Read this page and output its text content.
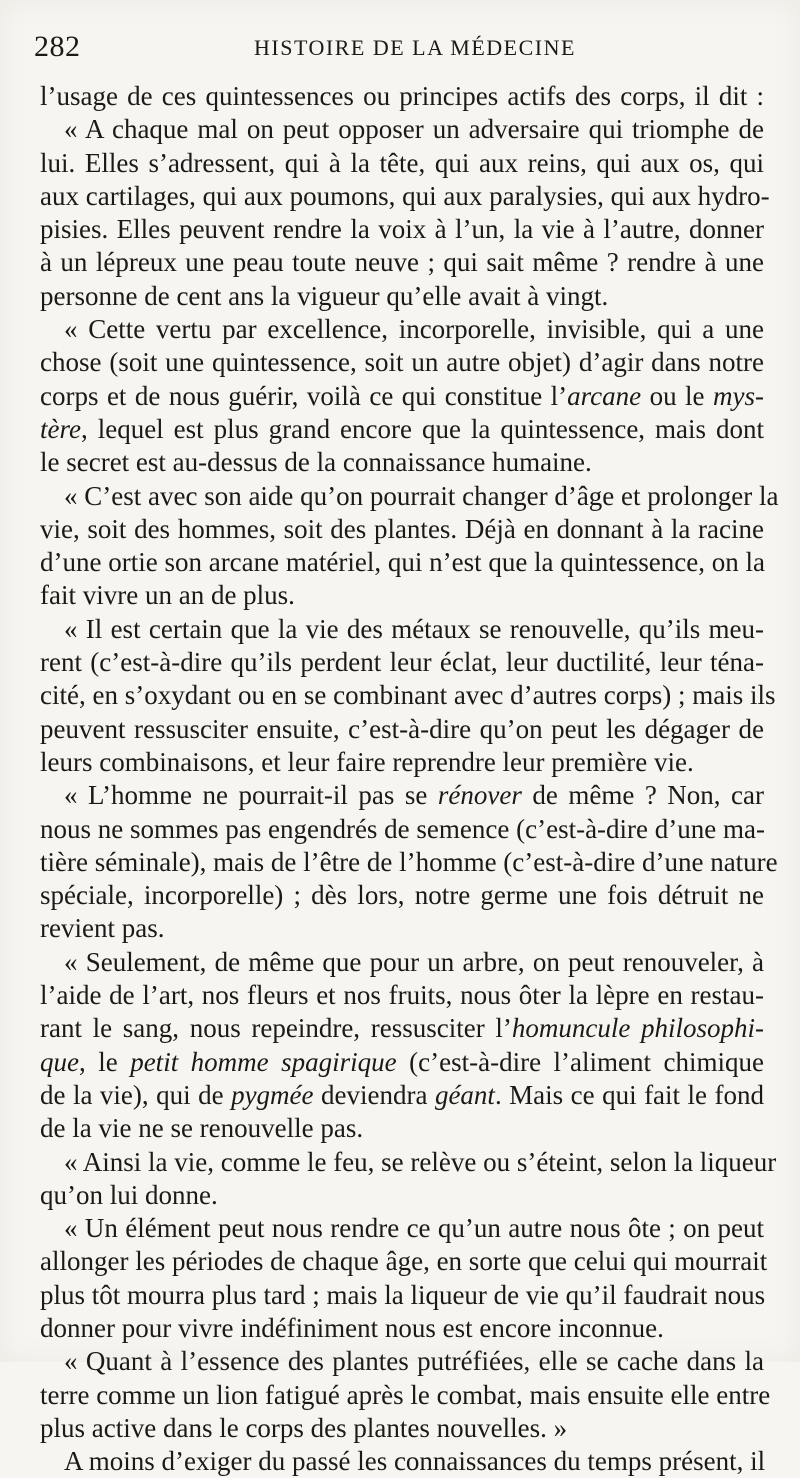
282	HISTOIRE DE LA MÉDECINE
l’usage de ces quintessences ou principes actifs des corps, il dit :
« A chaque mal on peut opposer un adversaire qui triomphe de
lui. Elles s’adressent, qui à la tête, qui aux reins, qui aux os, qui
aux cartilages, qui aux poumons, qui aux paralysies, qui aux hydro-
pisies. Elles peuvent rendre la voix à l’un, la vie à l’autre, donner
à un lépreux une peau toute neuve ; qui sait même ? rendre à une
personne de cent ans la vigueur qu’elle avait à vingt.
« Cette vertu par excellence, incorporelle, invisible, qui a une
chose (soit une quintessence, soit un autre objet) d’agir dans notre
corps et de nous guérir, voilà ce qui constitue l’arcane ou le mys-
tère, lequel est plus grand encore que la quintessence, mais dont
le secret est au-dessus de la connaissance humaine.
« C’est avec son aide qu’on pourrait changer d’âge et prolonger la
vie, soit des hommes, soit des plantes. Déjà en donnant à la racine
d’une ortie son arcane matériel, qui n’est que la quintessence, on la
fait vivre un an de plus.
« Il est certain que la vie des métaux se renouvelle, qu’ils meu-
rent (c’est-à-dire qu’ils perdent leur éclat, leur ductilité, leur téna-
cité, en s’oxydant ou en se combinant avec d’autres corps) ; mais ils
peuvent ressusciter ensuite, c’est-à-dire qu’on peut les dégager de
leurs combinaisons, et leur faire reprendre leur première vie.
« L’homme ne pourrait-il pas se rénover de même ? Non, car
nous ne sommes pas engendrés de semence (c’est-à-dire d’une ma-
tière séminale), mais de l’être de l’homme (c’est-à-dire d’une nature
spéciale, incorporelle) ; dès lors, notre germe une fois détruit ne
revient pas.
« Seulement, de même que pour un arbre, on peut renouveler, à
l’aide de l’art, nos fleurs et nos fruits, nous ôter la lèpre en restau-
rant le sang, nous repeindre, ressusciter l’homuncule philosophi-
que, le petit homme spagirique (c’est-à-dire l’aliment chimique
de la vie), qui de pygmée deviendra géant. Mais ce qui fait le fond
de la vie ne se renouvelle pas.
« Ainsi la vie, comme le feu, se relève ou s’éteint, selon la liqueur
qu’on lui donne.
« Un élément peut nous rendre ce qu’un autre nous ôte ; on peut
allonger les périodes de chaque âge, en sorte que celui qui mourrait
plus tôt mourra plus tard ; mais la liqueur de vie qu’il faudrait nous
donner pour vivre indéfiniment nous est encore inconnue.
« Quant à l’essence des plantes putréfiées, elle se cache dans la
terre comme un lion fatigué après le combat, mais ensuite elle entre
plus active dans le corps des plantes nouvelles. »
A moins d’exiger du passé les connaissances du temps présent, il
